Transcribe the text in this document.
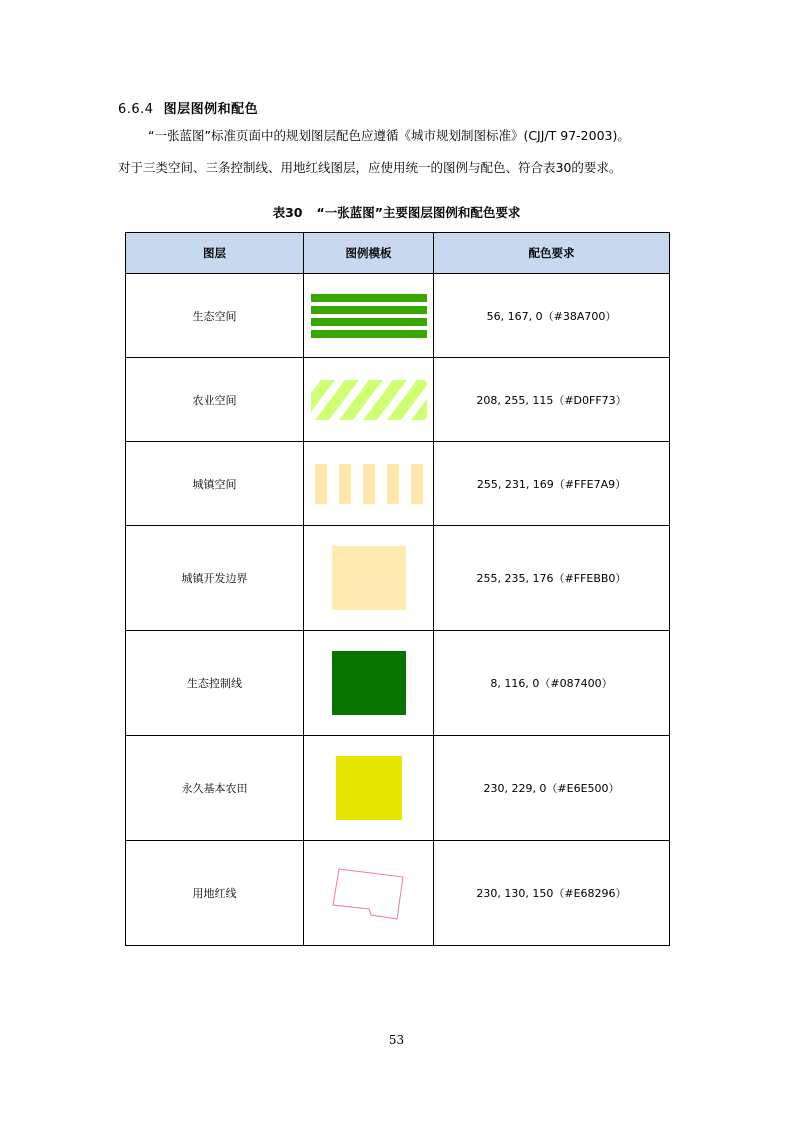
6.6.4 图层图例和配色
“一张蓝图”标准页面中的规划图层配色应遵循《城市规划制图标准》(CJJ/T 97-2003)。
对于三类空间、三条控制线、用地红线图层，应使用统一的图例与配色、符合表30的要求。
表30 “一张蓝图”主要图层图例和配色要求
图层	图例模板	配色要求
生态空间		56, 167, 0（#38A700）
农业空间		208, 255, 115（#D0FF73）
城镇空间		255, 231, 169（#FFE7A9）
城镇开发边界		255, 235, 176（#FFEBB0）
生态控制线		8, 116, 0（#087400）
永久基本农田		230, 229, 0（#E6E500）
用地红线		230, 130, 150（#E68296）
53
